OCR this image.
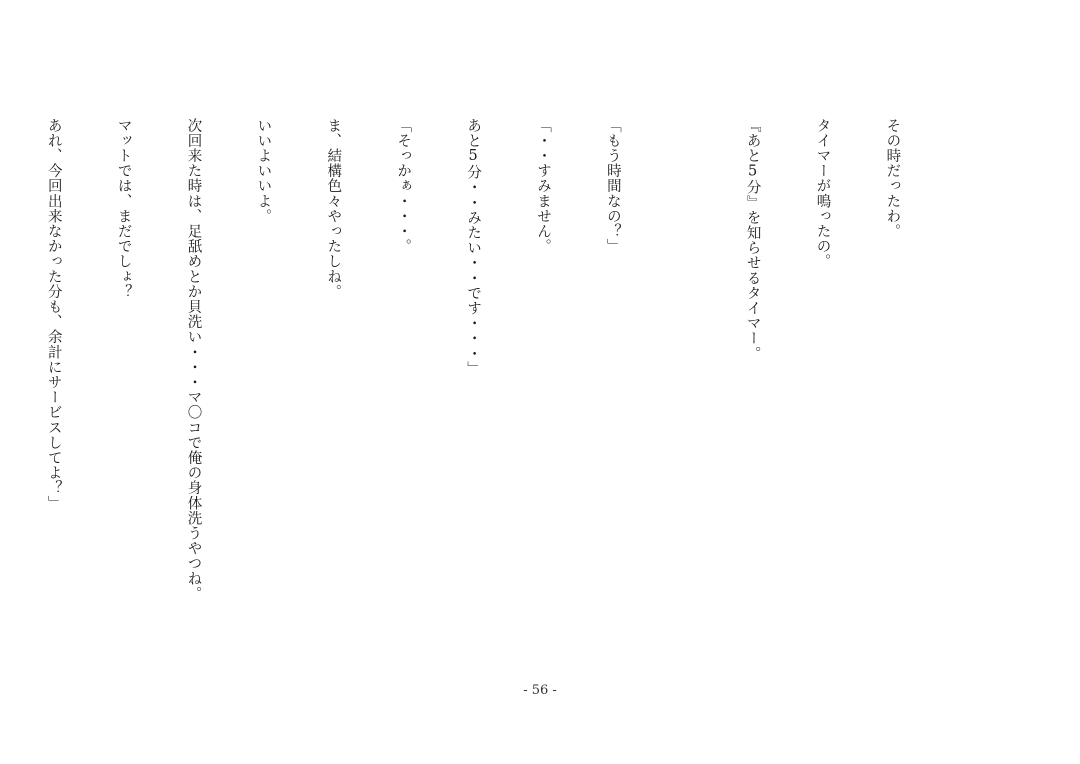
その時だったわ。

タイマーが鳴ったの。

『あと5分』を知らせるタイマー。

「もう時間なの？」

「・・すみません。

あと5分・・みたい・・です・・・」

「そっかぁ・・・。

ま、結構色々やったしね。

いいよいいよ。

次回来た時は、足舐めとか貝洗い・・・マ〇コで俺の身体洗うやつね。

マットでは、まだでしょ？

あれ、今回出来なかった分も、余計にサービスしてよ？」

- 56 -
